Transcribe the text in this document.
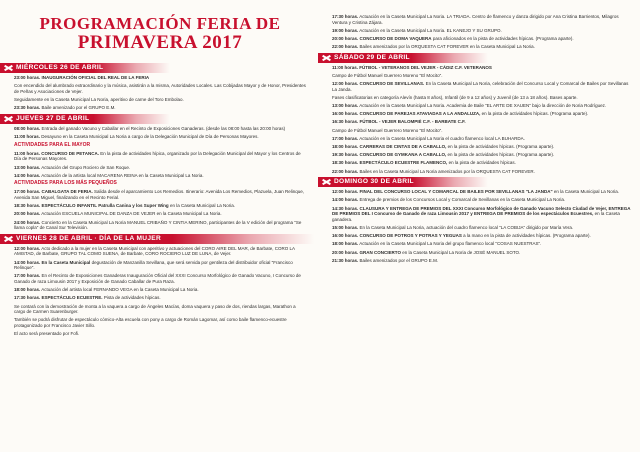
PROGRAMACIÓN FERIA DE
PRIMAVERA 2017
MIÉRCOLES 26 DE ABRIL
23:00 horas. INAUGURACIÓN OFICIAL DEL REAL DE LA FERIA
Con encendido del alumbrado extraordinario y la música, asistirán a la misma, Autoridades Locales. Las Cobijadas Mayor y de Honor, Presidentes de Peñas y Asociaciones de Vejer.
Seguidamente en la Caseta Municipal La Noria, aperitivo de carne del Toro Embolao.
23:30 horas. Baile amenizado por el GRUPO E.M.
JUEVES 27 DE ABRIL
08:00 horas. Entrada del ganado Vacuno y Caballar en el Recinto de Exposiciones Ganaderas. (desde las 08:00 hasta las 20:00 horas)
11:00 horas. Desayuno en la Caseta Municipal La Noria a cargo de la Delegación Municipal de Día de Personas Mayores.
ACTIVIDADES PARA EL MAYOR
11:00 horas. CONCURSO DE PETANCA. En la pista de actividades hípica, organizado por la Delegación Municipal del Mayor y los Centros de Día de Personas Mayores.
13:00 horas. Actuación del Grupo Rociero de San Roque.
14:00 horas. Actuación de la artista local MACARENA REINA en la Caseta Municipal La Noria.
ACTIVIDADES PARA LOS MÁS PEQUEÑOS
17:00 horas. CABALGATA DE FERIA. Salida desde el aparcamiento Los Remedios. Itinerario: Avenida Los Remedios, Plazuela, Juan Relinque, Avenida San Miguel, finalizando en el Recinto Ferial.
18:30 horas. ESPECTÁCULO INFANTIL Patrulla Canina y los Super Wing en la Caseta Municipal La Noria.
20:00 horas. Actuación ESCUELA MUNICIPAL DE DANZA DE VEJER en la Caseta Municipal La Noria.
24:00 horas. Concierto en la Caseta Municipal La Noria MANUEL CRIBAÑO Y CINTIA MERINO, participantes de la V edición del programa "Se llama copla" de Canal Sur Televisión.
VIERNES 28 DE ABRIL · DÍA DE LA MUJER
12:00 horas. Acto dedicado a la mujer en la Caseta Municipal con aperitivo y actuaciones del CORO AIRE DEL MAR, de Barbate, CORO LA AMISTAD, de Barbate, GRUPO TAL COMO SUENA, de Barbate, CORO ROCIERO LUZ DE LUNA, de Vejer.
14:00 horas. En la Caseta Municipal degustación de Manzanilla Sevillana, que será servida por gentileza del distribuidor oficial "Francisco Relinque".
17:00 horas. En el Recinto de Exposiciones Ganaderas Inauguración Oficial del XXXI Concurso Morfológico de Ganado Vacuno, I Concurso de Ganado de raza Limousin 2017 y Exposición de Ganado Caballar de Pura Raza.
18:00 horas. Actuación del artista local FERNANDO VEGA en la Caseta Municipal La Noria.
17:30 horas. ESPECTÁCULO ECUESTRE. Pista de actividades hípicas.
Se contará con la demostración de monta a la vaquera a cargo de Ángeles Macías, doma vaquera y paso de dos, riendas largas, Marathon a cargo de Carmen Suarenburger.
También se podrá disfrutar de espectáculo cómico-Alta escuela con pony a cargo de Román Lagomar, así como baile flamenco-ecuestre protagonizado por Francisco Javier Sillo.
El acto será presentado por Fofi.
17:30 horas. Actuación en la Caseta Municipal La Noria. LA TRIADA. Centro de flamenco y danza dirigido por Ana Cristina Barrientos, Milagros Ventura y Cristina Zájara.
19:00 horas. Actuación en la Caseta Municipal La Noria. EL KANEJO Y SU GRUPO.
20:00 horas. CONCURSO DE DOMA VAQUERA para aficionados en la pista de actividades hípicas. (Programa aparte).
22:00 horas. Bailes amenizados por la ORQUESTA CAT FOREVER en la Caseta Municipal La Noria.
SÁBADO 29 DE ABRIL
11:00 horas. FÚTBOL - VETERANOS DEL VEJER - CÁDIZ C.F. VETERANOS
Campo de Fútbol Manuel Guerrero Moreno "El Mocito".
12:00 horas. CONCURSO DE SEVILLANAS. En la Caseta Municipal La Noria, celebración del Concurso Local y Comarcal de Bailes por Sevillanas La Janda.
Fases clasificatorias en categoría Alevín (hasta 8 años), Infantil (de 9 a 12 años) y Juvenil (de 13 a 18 años). Bases aparte.
13:00 horas. Actuación en la Caseta Municipal La Noria. Academia de Baile "EL ARTE DE XAUEN" bajo la dirección de Noria Rodríguez.
16:00 horas. CONCURSO DE PAREJAS ATAVIADAS A LA ANDALUZA, en la pista de actividades hípicas. (Programa aparte).
16:30 horas. FÚTBOL - VEJER BALOMPIÉ C.F. - BARBATE C.F.
Campo de Fútbol Manuel Guerrero Moreno "El Mocito".
17:00 horas. Actuación en la Caseta Municipal La Noria el cuadro flamenco local LA BUHARDA.
18:00 horas. CARRERAS DE CINTAS DE A CABALLO, en la pista de actividades hípicas. (Programa aparte).
19:30 horas. CONCURSO DE GYMKANA A CABALLO, en la pista de actividades hípicas. (Programa aparte).
18:30 horas. ESPECTÁCULO ECUESTRE FLAMENCO, en la pista de actividades hípicas.
22:00 horas. Bailes en la Caseta Municipal La Noria amenizados por la ORQUESTA CAT FOREVER.
DOMINGO 30 DE ABRIL
12:00 horas. FINAL DEL CONCURSO LOCAL Y COMARCAL DE BAILES POR SEVILLANAS "LA JANDA" en la Caseta Municipal La Noria.
14:00 horas. Entrega de premios de los Concursos Local y Comarcal de Sevillanas en la Caseta Municipal La Noria.
14:30 horas. CLAUSURA Y ENTREGA DE PREMIOS DEL XXXI Concurso Morfológico de Ganado Vacuno Selecto Ciudad de Vejer, ENTREGA DE PREMIOS DEL I Concurso de Ganado de raza Limousin 2017 y ENTREGA DE PREMIOS de los espectáculos Ecuestres, en la Caseta ganadera.
15:00 horas. En la Caseta Municipal La Noria, actuación del cuadro flamenco local "LA COBIJA" dirigido por María Vera.
16:00 horas. CONCURSO DE POTROS Y POTRAS Y YEGUAS a la mano en la pista de actividades hípicas. (Programa aparte).
18:00 horas. Actuación en la Caseta Municipal La Noria del grupo flamenco local "COSAS NUESTRAS".
20:00 horas. GRAN CONCIERTO en la Caseta Municipal La Noria de JOSÉ MANUEL SOTO.
21:30 horas. Bailes amenizados por el GRUPO E.M.
